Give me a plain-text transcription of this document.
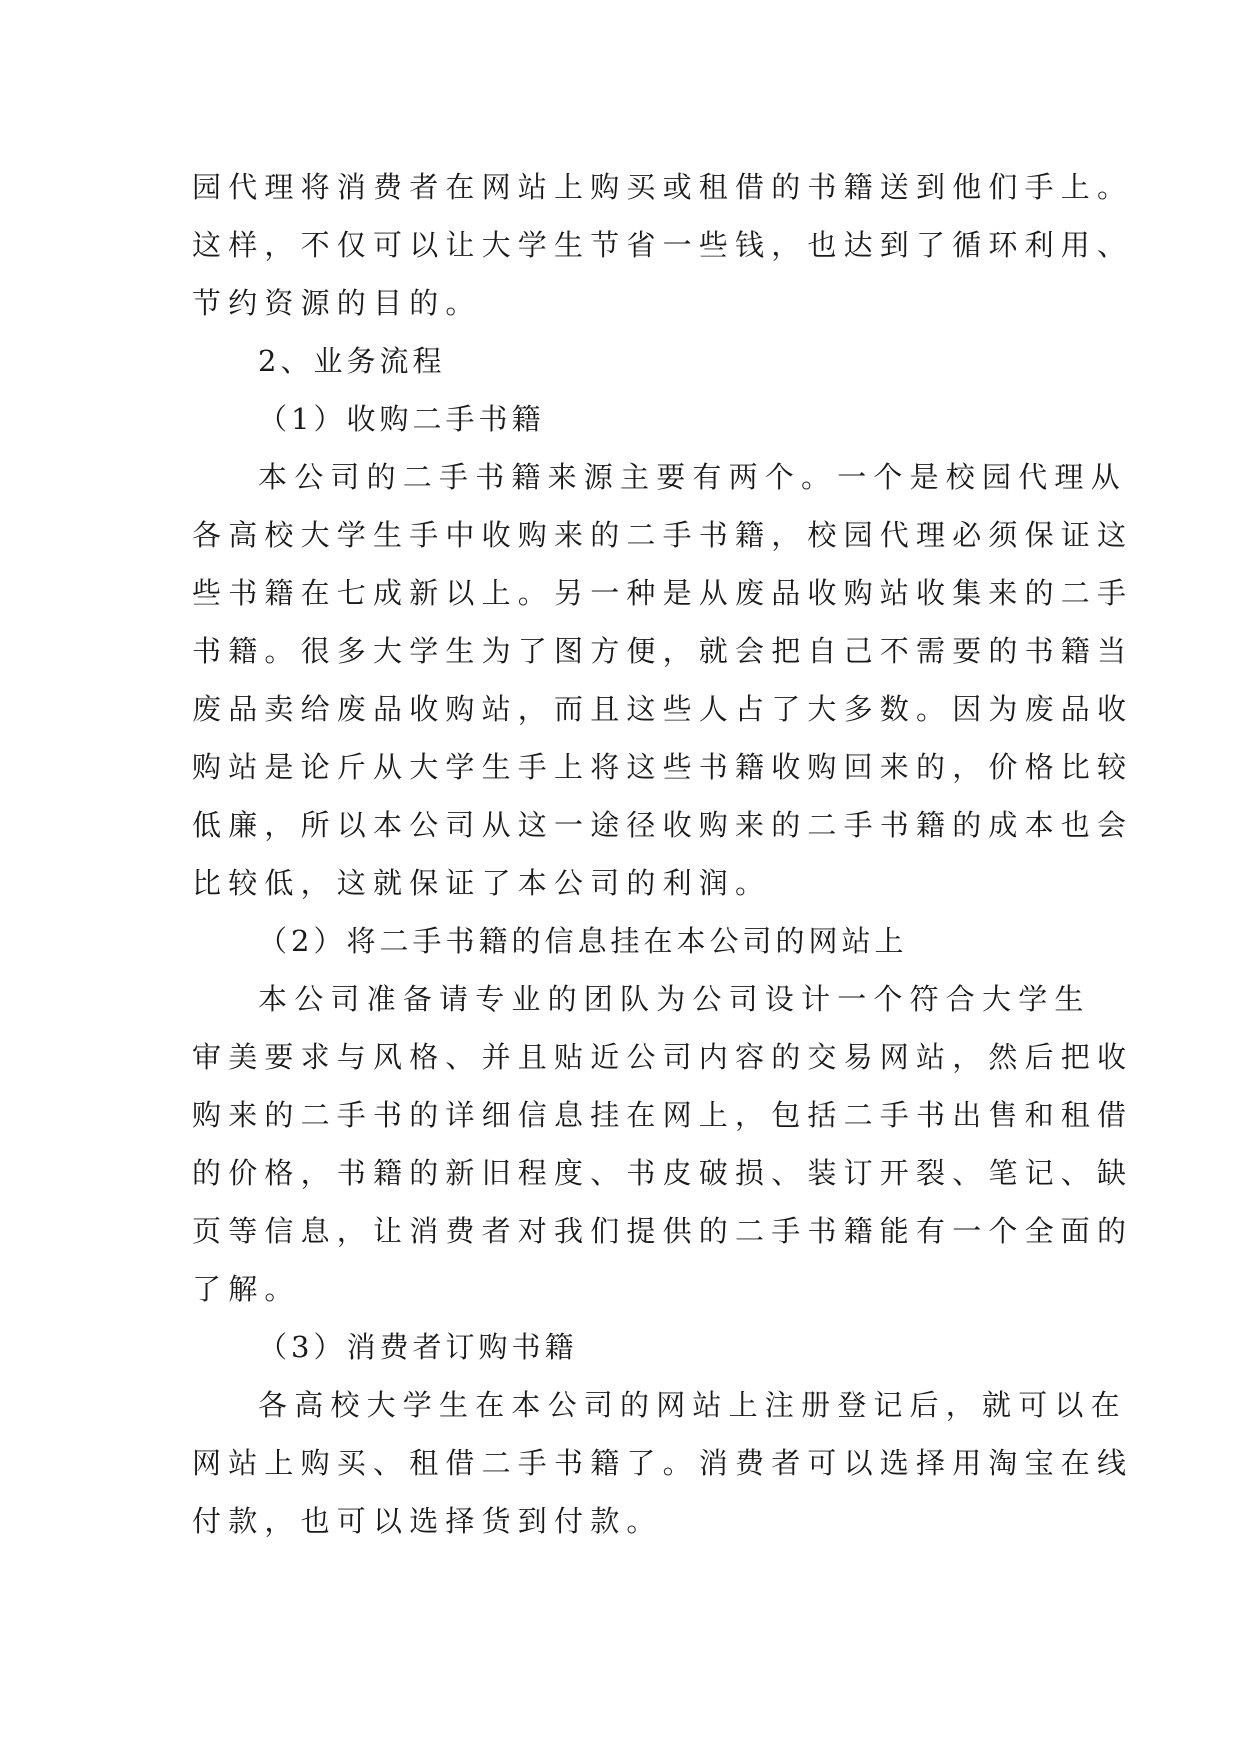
园代理将消费者在网站上购买或租借的书籍送到他们手上。
这样，不仅可以让大学生节省一些钱，也达到了循环利用、
节约资源的目的。
2、业务流程
（1）收购二手书籍
本公司的二手书籍来源主要有两个。一个是校园代理从
各高校大学生手中收购来的二手书籍，校园代理必须保证这
些书籍在七成新以上。另一种是从废品收购站收集来的二手
书籍。很多大学生为了图方便，就会把自己不需要的书籍当
废品卖给废品收购站，而且这些人占了大多数。因为废品收
购站是论斤从大学生手上将这些书籍收购回来的，价格比较
低廉，所以本公司从这一途径收购来的二手书籍的成本也会
比较低，这就保证了本公司的利润。
（2）将二手书籍的信息挂在本公司的网站上
本公司准备请专业的团队为公司设计一个符合大学生
审美要求与风格、并且贴近公司内容的交易网站，然后把收
购来的二手书的详细信息挂在网上，包括二手书出售和租借
的价格，书籍的新旧程度、书皮破损、装订开裂、笔记、缺
页等信息，让消费者对我们提供的二手书籍能有一个全面的
了解。
（3）消费者订购书籍
各高校大学生在本公司的网站上注册登记后，就可以在
网站上购买、租借二手书籍了。消费者可以选择用淘宝在线
付款，也可以选择货到付款。
